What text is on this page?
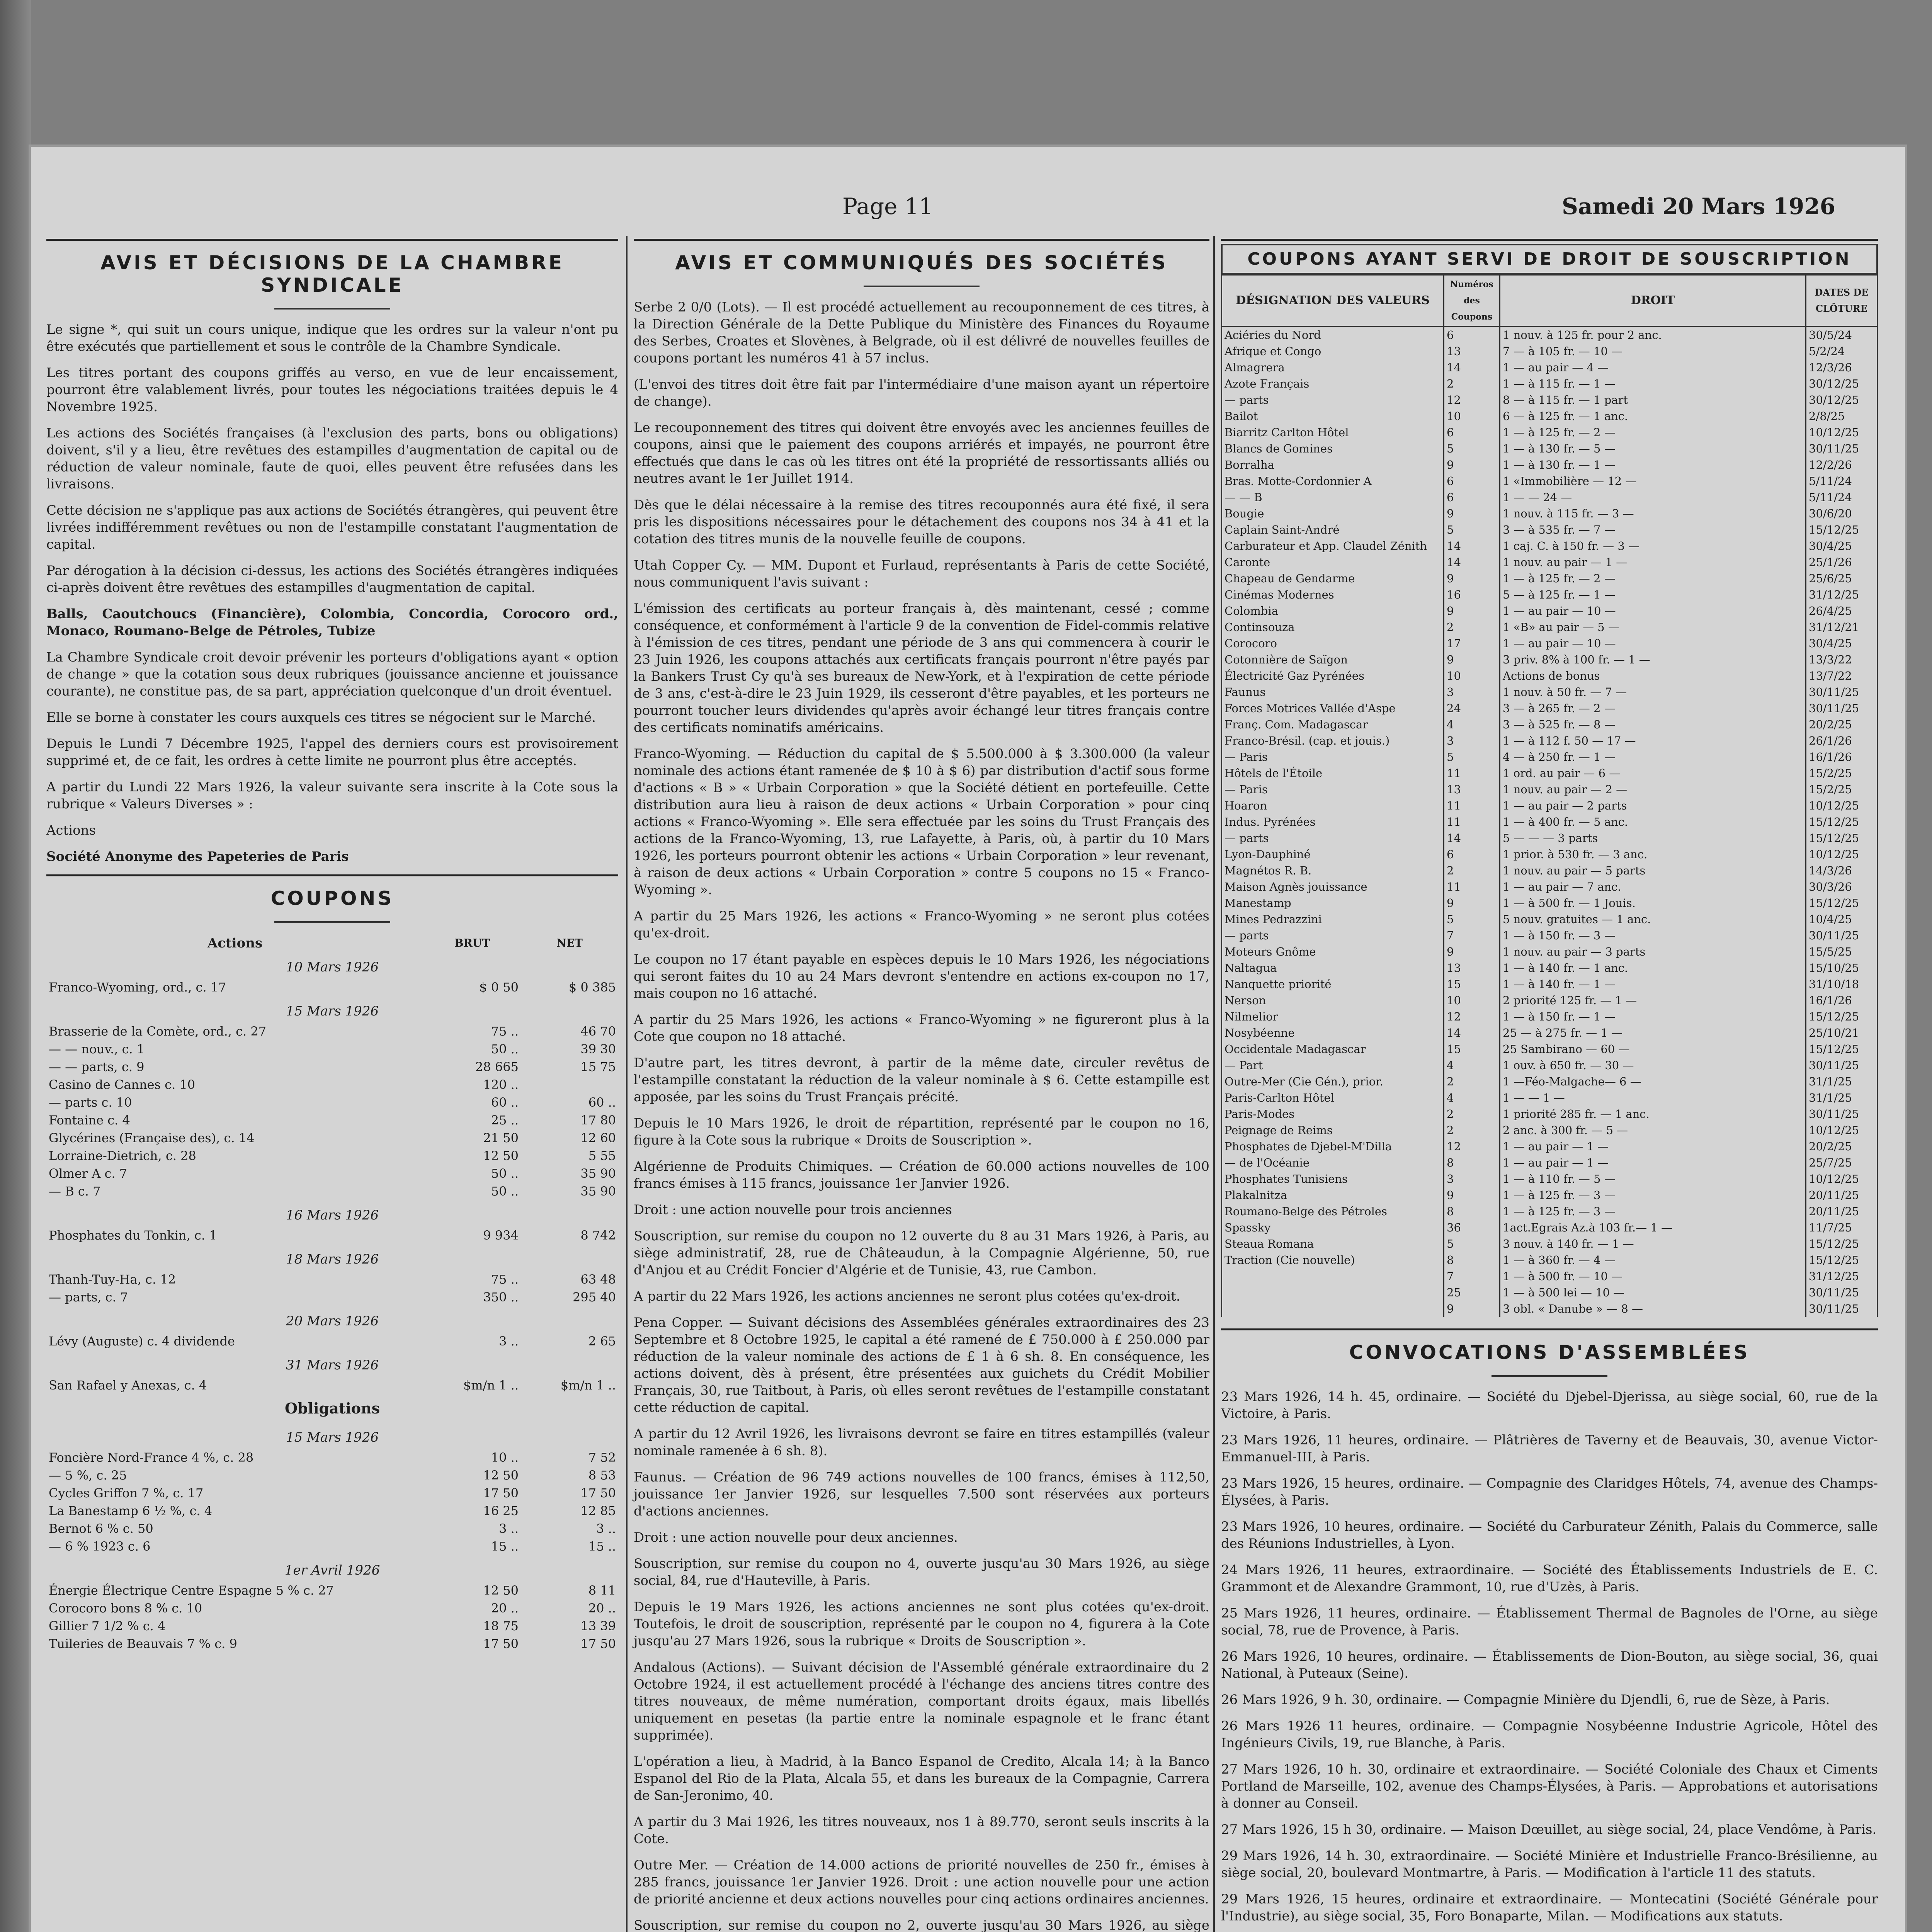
Page 11	Samedi 20 Mars 1926
AVIS ET DÉCISIONS DE LA CHAMBRE SYNDICALE

Le signe *, qui suit un cours unique, indique que les ordres sur la valeur n'ont pu être exécutés que partiellement et sous le contrôle de la Chambre Syndicale.

Les titres portant des coupons griffés au verso, en vue de leur encaissement, pourront être valablement livrés, pour toutes les négociations traitées depuis le 4 Novembre 1925.

Les actions des Sociétés françaises (à l'exclusion des parts, bons ou obligations) doivent, s'il y a lieu, être revêtues des estampilles d'augmentation de capital ou de réduction de valeur nominale, faute de quoi, elles peuvent être refusées dans les livraisons.

Cette décision ne s'applique pas aux actions de Sociétés étrangères, qui peuvent être livrées indifféremment revêtues ou non de l'estampille constatant l'augmentation de capital.

Par dérogation à la décision ci-dessus, les actions des Sociétés étrangères indiquées ci-après doivent être revêtues des estampilles d'augmentation de capital.

Balls, Caoutchoucs (Financière), Colombia, Concordia, Corocoro ord., Monaco, Roumano-Belge de Pétroles, Tubize

La Chambre Syndicale croit devoir prévenir les porteurs d'obligations ayant « option de change » que la cotation sous deux rubriques (jouissance ancienne et jouissance courante), ne constitue pas, de sa part, appréciation quelconque d'un droit éventuel.

Elle se borne à constater les cours auxquels ces titres se négocient sur le Marché.

Depuis le Lundi 7 Décembre 1925, l'appel des derniers cours est provisoirement supprimé et, de ce fait, les ordres à cette limite ne pourront plus être acceptés.

A partir du Lundi 22 Mars 1926, la valeur suivante sera inscrite à la Cote sous la rubrique « Valeurs Diverses » :

Actions

Société Anonyme des Papeteries de Paris

COUPONS
Actions	BRUT	NET
10 Mars 1926		
Franco-Wyoming, ord., c. 17	$ 0 50	$ 0 385
15 Mars 1926		
Brasserie de la Comète, ord., c. 27	75 ..	46 70
— — nouv., c. 1	50 ..	39 30
— — parts, c. 9	28 665	15 75
Casino de Cannes c. 10	120 ..	
— parts c. 10	60 ..	60 ..
Fontaine c. 4	25 ..	17 80
Glycérines (Française des), c. 14	21 50	12 60
Lorraine-Dietrich, c. 28	12 50	5 55
Olmer A c. 7	50 ..	35 90
— B c. 7	50 ..	35 90
16 Mars 1926		
Phosphates du Tonkin, c. 1	9 934	8 742
18 Mars 1926		
Thanh-Tuy-Ha, c. 12	75 ..	63 48
— parts, c. 7	350 ..	295 40
20 Mars 1926		
Lévy (Auguste) c. 4 dividende	3 ..	2 65
31 Mars 1926		
San Rafael y Anexas, c. 4	$m/n 1 ..	$m/n 1 ..
Obligations
15 Mars 1926		
Foncière Nord-France 4 %, c. 28	10 ..	7 52
— 5 %, c. 25	12 50	8 53
Cycles Griffon 7 %, c. 17	17 50	17 50
La Banestamp 6 ½ %, c. 4	16 25	12 85
Bernot 6 % c. 50	3 ..	3 ..
— 6 % 1923 c. 6	15 ..	15 ..
1er Avril 1926		
Énergie Électrique Centre Espagne 5 % c. 27	12 50	8 11
Corocoro bons 8 % c. 10	20 ..	20 ..
Gillier 7 1/2 % c. 4	18 75	13 39
Tuileries de Beauvais 7 % c. 9	17 50	17 50
AVIS ET COMMUNIQUÉS DES SOCIÉTÉS

Serbe 2 0/0 (Lots). — Il est procédé actuellement au recouponnement de ces titres, à la Direction Générale de la Dette Publique du Ministère des Finances du Royaume des Serbes, Croates et Slovènes, à Belgrade, où il est délivré de nouvelles feuilles de coupons portant les numéros 41 à 57 inclus.

(L'envoi des titres doit être fait par l'intermédiaire d'une maison ayant un répertoire de change).

Le recouponnement des titres qui doivent être envoyés avec les anciennes feuilles de coupons, ainsi que le paiement des coupons arriérés et impayés, ne pourront être effectués que dans le cas où les titres ont été la propriété de ressortissants alliés ou neutres avant le 1er Juillet 1914.

Dès que le délai nécessaire à la remise des titres recouponnés aura été fixé, il sera pris les dispositions nécessaires pour le détachement des coupons nos 34 à 41 et la cotation des titres munis de la nouvelle feuille de coupons.

Utah Copper Cy. — MM. Dupont et Furlaud, représentants à Paris de cette Société, nous communiquent l'avis suivant :

L'émission des certificats au porteur français à, dès maintenant, cessé ; comme conséquence, et conformément à l'article 9 de la convention de Fidel-commis relative à l'émission de ces titres, pendant une période de 3 ans qui commencera à courir le 23 Juin 1926, les coupons attachés aux certificats français pourront n'être payés par la Bankers Trust Cy qu'à ses bureaux de New-York, et à l'expiration de cette période de 3 ans, c'est-à-dire le 23 Juin 1929, ils cesseront d'être payables, et les porteurs ne pourront toucher leurs dividendes qu'après avoir échangé leur titres français contre des certificats nominatifs américains.

Franco-Wyoming. — Réduction du capital de $ 5.500.000 à $ 3.300.000 (la valeur nominale des actions étant ramenée de $ 10 à $ 6) par distribution d'actif sous forme d'actions « B » « Urbain Corporation » que la Société détient en portefeuille. Cette distribution aura lieu à raison de deux actions « Urbain Corporation » pour cinq actions « Franco-Wyoming ». Elle sera effectuée par les soins du Trust Français des actions de la Franco-Wyoming, 13, rue Lafayette, à Paris, où, à partir du 10 Mars 1926, les porteurs pourront obtenir les actions « Urbain Corporation » leur revenant, à raison de deux actions « Urbain Corporation » contre 5 coupons no 15 « Franco-Wyoming ».

A partir du 25 Mars 1926, les actions « Franco-Wyoming » ne seront plus cotées qu'ex-droit.

Le coupon no 17 étant payable en espèces depuis le 10 Mars 1926, les négociations qui seront faites du 10 au 24 Mars devront s'entendre en actions ex-coupon no 17, mais coupon no 16 attaché.

A partir du 25 Mars 1926, les actions « Franco-Wyoming » ne figureront plus à la Cote que coupon no 18 attaché.

D'autre part, les titres devront, à partir de la même date, circuler revêtus de l'estampille constatant la réduction de la valeur nominale à $ 6. Cette estampille est apposée, par les soins du Trust Français précité.

Depuis le 10 Mars 1926, le droit de répartition, représenté par le coupon no 16, figure à la Cote sous la rubrique « Droits de Souscription ».

Algérienne de Produits Chimiques. — Création de 60.000 actions nouvelles de 100 francs émises à 115 francs, jouissance 1er Janvier 1926.

Droit : une action nouvelle pour trois anciennes

Souscription, sur remise du coupon no 12 ouverte du 8 au 31 Mars 1926, à Paris, au siège administratif, 28, rue de Châteaudun, à la Compagnie Algérienne, 50, rue d'Anjou et au Crédit Foncier d'Algérie et de Tunisie, 43, rue Cambon.

A partir du 22 Mars 1926, les actions anciennes ne seront plus cotées qu'ex-droit.

Pena Copper. — Suivant décisions des Assemblées générales extraordinaires des 23 Septembre et 8 Octobre 1925, le capital a été ramené de £ 750.000 à £ 250.000 par réduction de la valeur nominale des actions de £ 1 à 6 sh. 8. En conséquence, les actions doivent, dès à présent, être présentées aux guichets du Crédit Mobilier Français, 30, rue Taitbout, à Paris, où elles seront revêtues de l'estampille constatant cette réduction de capital.

A partir du 12 Avril 1926, les livraisons devront se faire en titres estampillés (valeur nominale ramenée à 6 sh. 8).

Faunus. — Création de 96 749 actions nouvelles de 100 francs, émises à 112,50, jouissance 1er Janvier 1926, sur lesquelles 7.500 sont réservées aux porteurs d'actions anciennes.

Droit : une action nouvelle pour deux anciennes.

Souscription, sur remise du coupon no 4, ouverte jusqu'au 30 Mars 1926, au siège social, 84, rue d'Hauteville, à Paris.

Depuis le 19 Mars 1926, les actions anciennes ne sont plus cotées qu'ex-droit. Toutefois, le droit de souscription, représenté par le coupon no 4, figurera à la Cote jusqu'au 27 Mars 1926, sous la rubrique « Droits de Souscription ».

Andalous (Actions). — Suivant décision de l'Assemblé générale extraordinaire du 2 Octobre 1924, il est actuellement procédé à l'échange des anciens titres contre des titres nouveaux, de même numération, comportant droits égaux, mais libellés uniquement en pesetas (la partie entre la nominale espagnole et le franc étant supprimée).

L'opération a lieu, à Madrid, à la Banco Espanol de Credito, Alcala 14; à la Banco Espanol del Rio de la Plata, Alcala 55, et dans les bureaux de la Compagnie, Carrera de San-Jeronimo, 40.

A partir du 3 Mai 1926, les titres nouveaux, nos 1 à 89.770, seront seuls inscrits à la Cote.

Outre Mer. — Création de 14.000 actions de priorité nouvelles de 250 fr., émises à 285 francs, jouissance 1er Janvier 1926. Droit : une action nouvelle pour une action de priorité ancienne et deux actions nouvelles pour cinq actions ordinaires anciennes.

Souscription, sur remise du coupon no 2, ouverte jusqu'au 30 Mars 1926, au siège

COUPONS AYANT SERVI DE DROIT DE SOUSCRIPTION
DÉSIGNATION DES VALEURS	Numéros des Coupons	DROIT	DATES DE CLÔTURE
Aciéries du Nord	6	1 nouv. à 125 fr. pour 2 anc.	30/5/24
Afrique et Congo	13	7 — à 105 fr. — 10 —	5/2/24
Almagrera	14	1 — au pair — 4 —	12/3/26
Azote Français	2	1 — à 115 fr. — 1 —	30/12/25
— parts	12	8 — à 115 fr. — 1 part	30/12/25
Bailot	10	6 — à 125 fr. — 1 anc.	2/8/25
Biarritz Carlton Hôtel	6	1 — à 125 fr. — 2 —	10/12/25
Blancs de Gomines	5	1 — à 130 fr. — 5 —	30/11/25
Borralha	9	1 — à 130 fr. — 1 —	12/2/26
Bras. Motte-Cordonnier A	6	1 «Immobilière — 12 —	5/11/24
— — B	6	1 — — 24 —	5/11/24
Bougie	9	1 nouv. à 115 fr. — 3 —	30/6/20
Caplain Saint-André	5	3 — à 535 fr. — 7 —	15/12/25
Carburateur et App. Claudel Zénith	14	1 caj. C. à 150 fr. — 3 —	30/4/25
Caronte	14	1 nouv. au pair — 1 —	25/1/26
Chapeau de Gendarme	9	1 — à 125 fr. — 2 —	25/6/25
Cinémas Modernes	16	5 — à 125 fr. — 1 —	31/12/25
Colombia	9	1 — au pair — 10 —	26/4/25
Continsouza	2	1 «B» au pair — 5 —	31/12/21
Corocoro	17	1 — au pair — 10 —	30/4/25
Cotonnière de Saïgon	9	3 priv. 8% à 100 fr. — 1 —	13/3/22
Électricité Gaz Pyrénées	10	Actions de bonus	13/7/22
Faunus	3	1 nouv. à 50 fr. — 7 —	30/11/25
Forces Motrices Vallée d'Aspe	24	3 — à 265 fr. — 2 —	30/11/25
Franç. Com. Madagascar	4	3 — à 525 fr. — 8 —	20/2/25
Franco-Brésil. (cap. et jouis.)	3	1 — à 112 f. 50 — 17 —	26/1/26
— Paris	5	4 — à 250 fr. — 1 —	16/1/26
Hôtels de l'Étoile	11	1 ord. au pair — 6 —	15/2/25
— Paris	13	1 nouv. au pair — 2 —	15/2/25
Hoaron	11	1 — au pair — 2 parts	10/12/25
Indus. Pyrénées	11	1 — à 400 fr. — 5 anc.	15/12/25
— parts	14	5 — — — 3 parts	15/12/25
Lyon-Dauphiné	6	1 prior. à 530 fr. — 3 anc.	10/12/25
Magnétos R. B.	2	1 nouv. au pair — 5 parts	14/3/26
Maison Agnès jouissance	11	1 — au pair — 7 anc.	30/3/26
Manestamp	9	1 — à 500 fr. — 1 Jouis.	15/12/25
Mines Pedrazzini	5	5 nouv. gratuites — 1 anc.	10/4/25
— parts	7	1 — à 150 fr. — 3 —	30/11/25
Moteurs Gnôme	9	1 nouv. au pair — 3 parts	15/5/25
Naltagua	13	1 — à 140 fr. — 1 anc.	15/10/25
Nanquette priorité	15	1 — à 140 fr. — 1 —	31/10/18
Nerson	10	2 priorité 125 fr. — 1 —	16/1/26
Nilmelior	12	1 — à 150 fr. — 1 —	15/12/25
Nosybéenne	14	25 — à 275 fr. — 1 —	25/10/21
Occidentale Madagascar	15	25 Sambirano — 60 —	15/12/25
— Part	4	1 ouv. à 650 fr. — 30 —	30/11/25
Outre-Mer (Cie Gén.), prior.	2	1 —Féo-Malgache— 6 —	31/1/25
Paris-Carlton Hôtel	4	1 — — 1 —	31/1/25
Paris-Modes	2	1 priorité 285 fr. — 1 anc.	30/11/25
Peignage de Reims	2	2 anc. à 300 fr. — 5 —	10/12/25
Phosphates de Djebel-M'Dilla	12	1 — au pair — 1 —	20/2/25
— de l'Océanie	8	1 — au pair — 1 —	25/7/25
Phosphates Tunisiens	3	1 — à 110 fr. — 5 —	10/12/25
Plakalnitza	9	1 — à 125 fr. — 3 —	20/11/25
Roumano-Belge des Pétroles	8	1 — à 125 fr. — 3 —	20/11/25
Spassky	36	1act.Egrais Az.à 103 fr.— 1 —	11/7/25
Steaua Romana	5	3 nouv. à 140 fr. — 1 —	15/12/25
Traction (Cie nouvelle)	8	1 — à 360 fr. — 4 —	15/12/25
	7	1 — à 500 fr. — 10 —	31/12/25
	25	1 — à 500 lei — 10 —	30/11/25
	9	3 obl. « Danube » — 8 —	30/11/25
CONVOCATIONS D'ASSEMBLÉES

23 Mars 1926, 14 h. 45, ordinaire. — Société du Djebel-Djerissa, au siège social, 60, rue de la Victoire, à Paris.

23 Mars 1926, 11 heures, ordinaire. — Plâtrières de Taverny et de Beauvais, 30, avenue Victor-Emmanuel-III, à Paris.

23 Mars 1926, 15 heures, ordinaire. — Compagnie des Claridges Hôtels, 74, avenue des Champs-Élysées, à Paris.

23 Mars 1926, 10 heures, ordinaire. — Société du Carburateur Zénith, Palais du Commerce, salle des Réunions Industrielles, à Lyon.

24 Mars 1926, 11 heures, extraordinaire. — Société des Établissements Industriels de E. C. Grammont et de Alexandre Grammont, 10, rue d'Uzès, à Paris.

25 Mars 1926, 11 heures, ordinaire. — Établissement Thermal de Bagnoles de l'Orne, au siège social, 78, rue de Provence, à Paris.

26 Mars 1926, 10 heures, ordinaire. — Établissements de Dion-Bouton, au siège social, 36, quai National, à Puteaux (Seine).

26 Mars 1926, 9 h. 30, ordinaire. — Compagnie Minière du Djendli, 6, rue de Sèze, à Paris.

26 Mars 1926 11 heures, ordinaire. — Compagnie Nosybéenne Industrie Agricole, Hôtel des Ingénieurs Civils, 19, rue Blanche, à Paris.

27 Mars 1926, 10 h. 30, ordinaire et extraordinaire. — Société Coloniale des Chaux et Ciments Portland de Marseille, 102, avenue des Champs-Élysées, à Paris. — Approbations et autorisations à donner au Conseil.

27 Mars 1926, 15 h 30, ordinaire. — Maison Dœuillet, au siège social, 24, place Vendôme, à Paris.

29 Mars 1926, 14 h. 30, extraordinaire. — Société Minière et Industrielle Franco-Brésilienne, au siège social, 20, boulevard Montmartre, à Paris. — Modification à l'article 11 des statuts.

29 Mars 1926, 15 heures, ordinaire et extraordinaire. — Montecatini (Société Générale pour l'Industrie), au siège social, 35, Foro Bonaparte, Milan. — Modifications aux statuts.
